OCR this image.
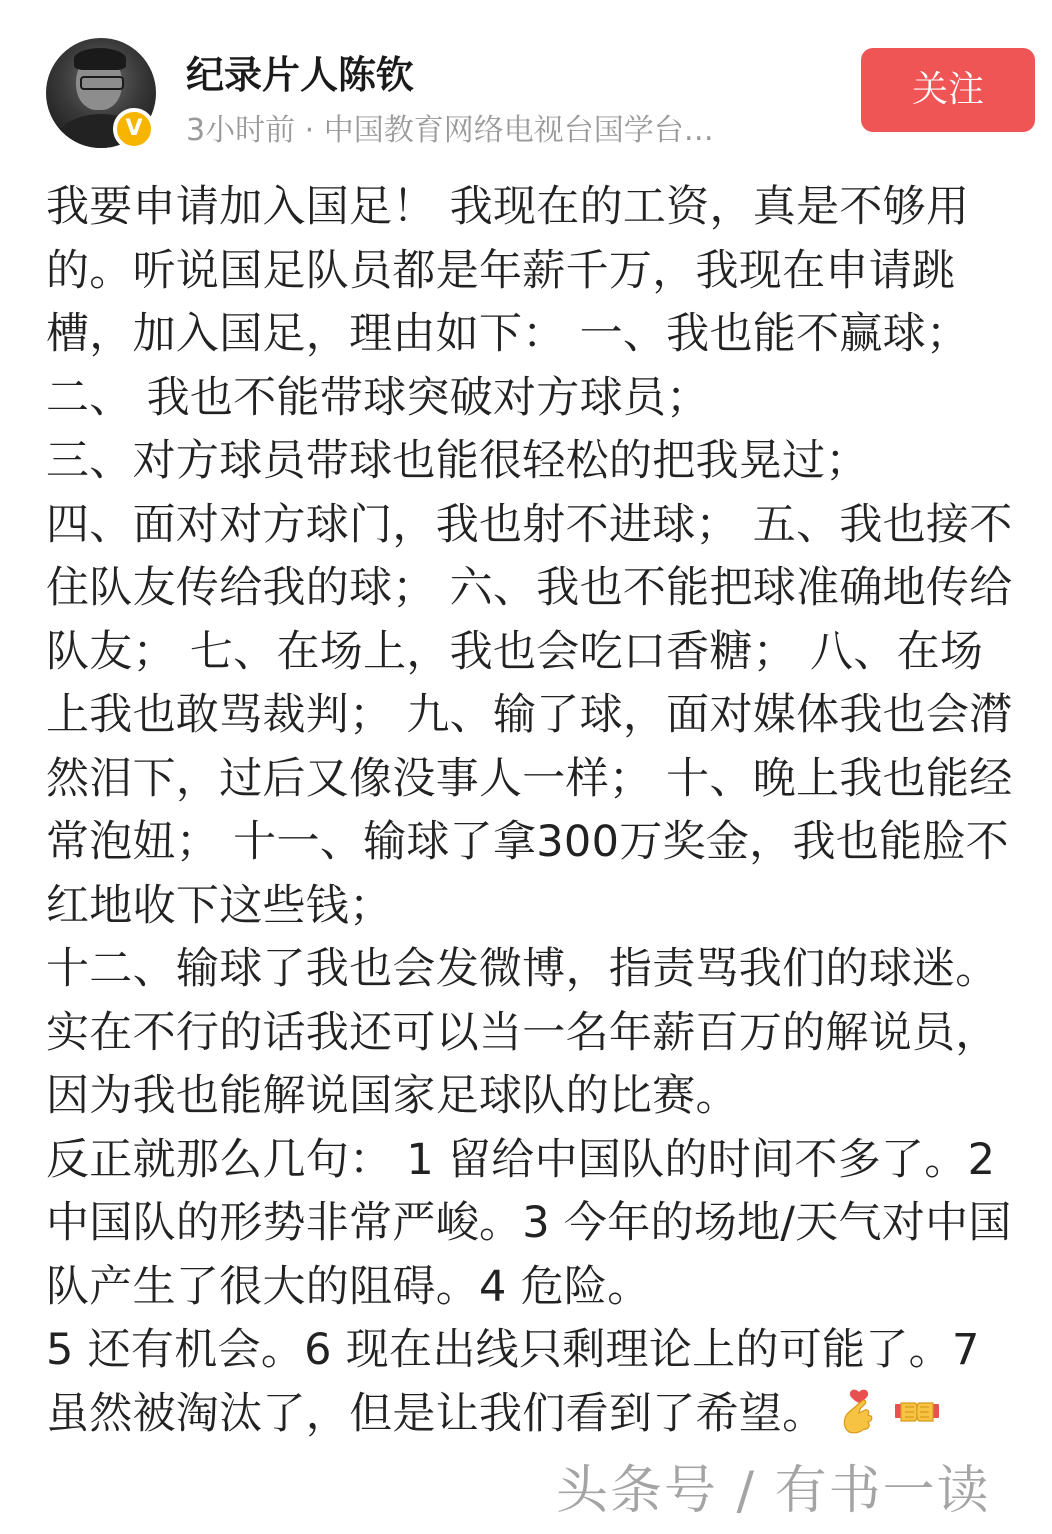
V
纪录片人陈钦
3小时前 · 中国教育网络电视台国学台…
关注
我要申请加入国足！ 我现在的工资，真是不够用的。听说国足队员都是年薪千万，我现在申请跳槽，加入国足，理由如下： 一、我也能不赢球； 二、 我也不能带球突破对方球员；
三、对方球员带球也能很轻松的把我晃过；
四、面对对方球门，我也射不进球； 五、我也接不住队友传给我的球； 六、我也不能把球准确地传给队友； 七、在场上，我也会吃口香糖； 八、在场上我也敢骂裁判； 九、输了球，面对媒体我也会潸然泪下，过后又像没事人一样； 十、晚上我也能经常泡妞； 十一、输球了拿300万奖金，我也能脸不红地收下这些钱；
十二、输球了我也会发微博，指责骂我们的球迷。 实在不行的话我还可以当一名年薪百万的解说员，因为我也能解说国家足球队的比赛。
反正就那么几句： 1 留给中国队的时间不多了。2 中国队的形势非常严峻。3 今年的场地/天气对中国队产生了很大的阻碍。4 危险。
5 还有机会。6 现在出线只剩理论上的可能了。7 虽然被淘汰了，但是让我们看到了希望。
头条号 / 有书一读
